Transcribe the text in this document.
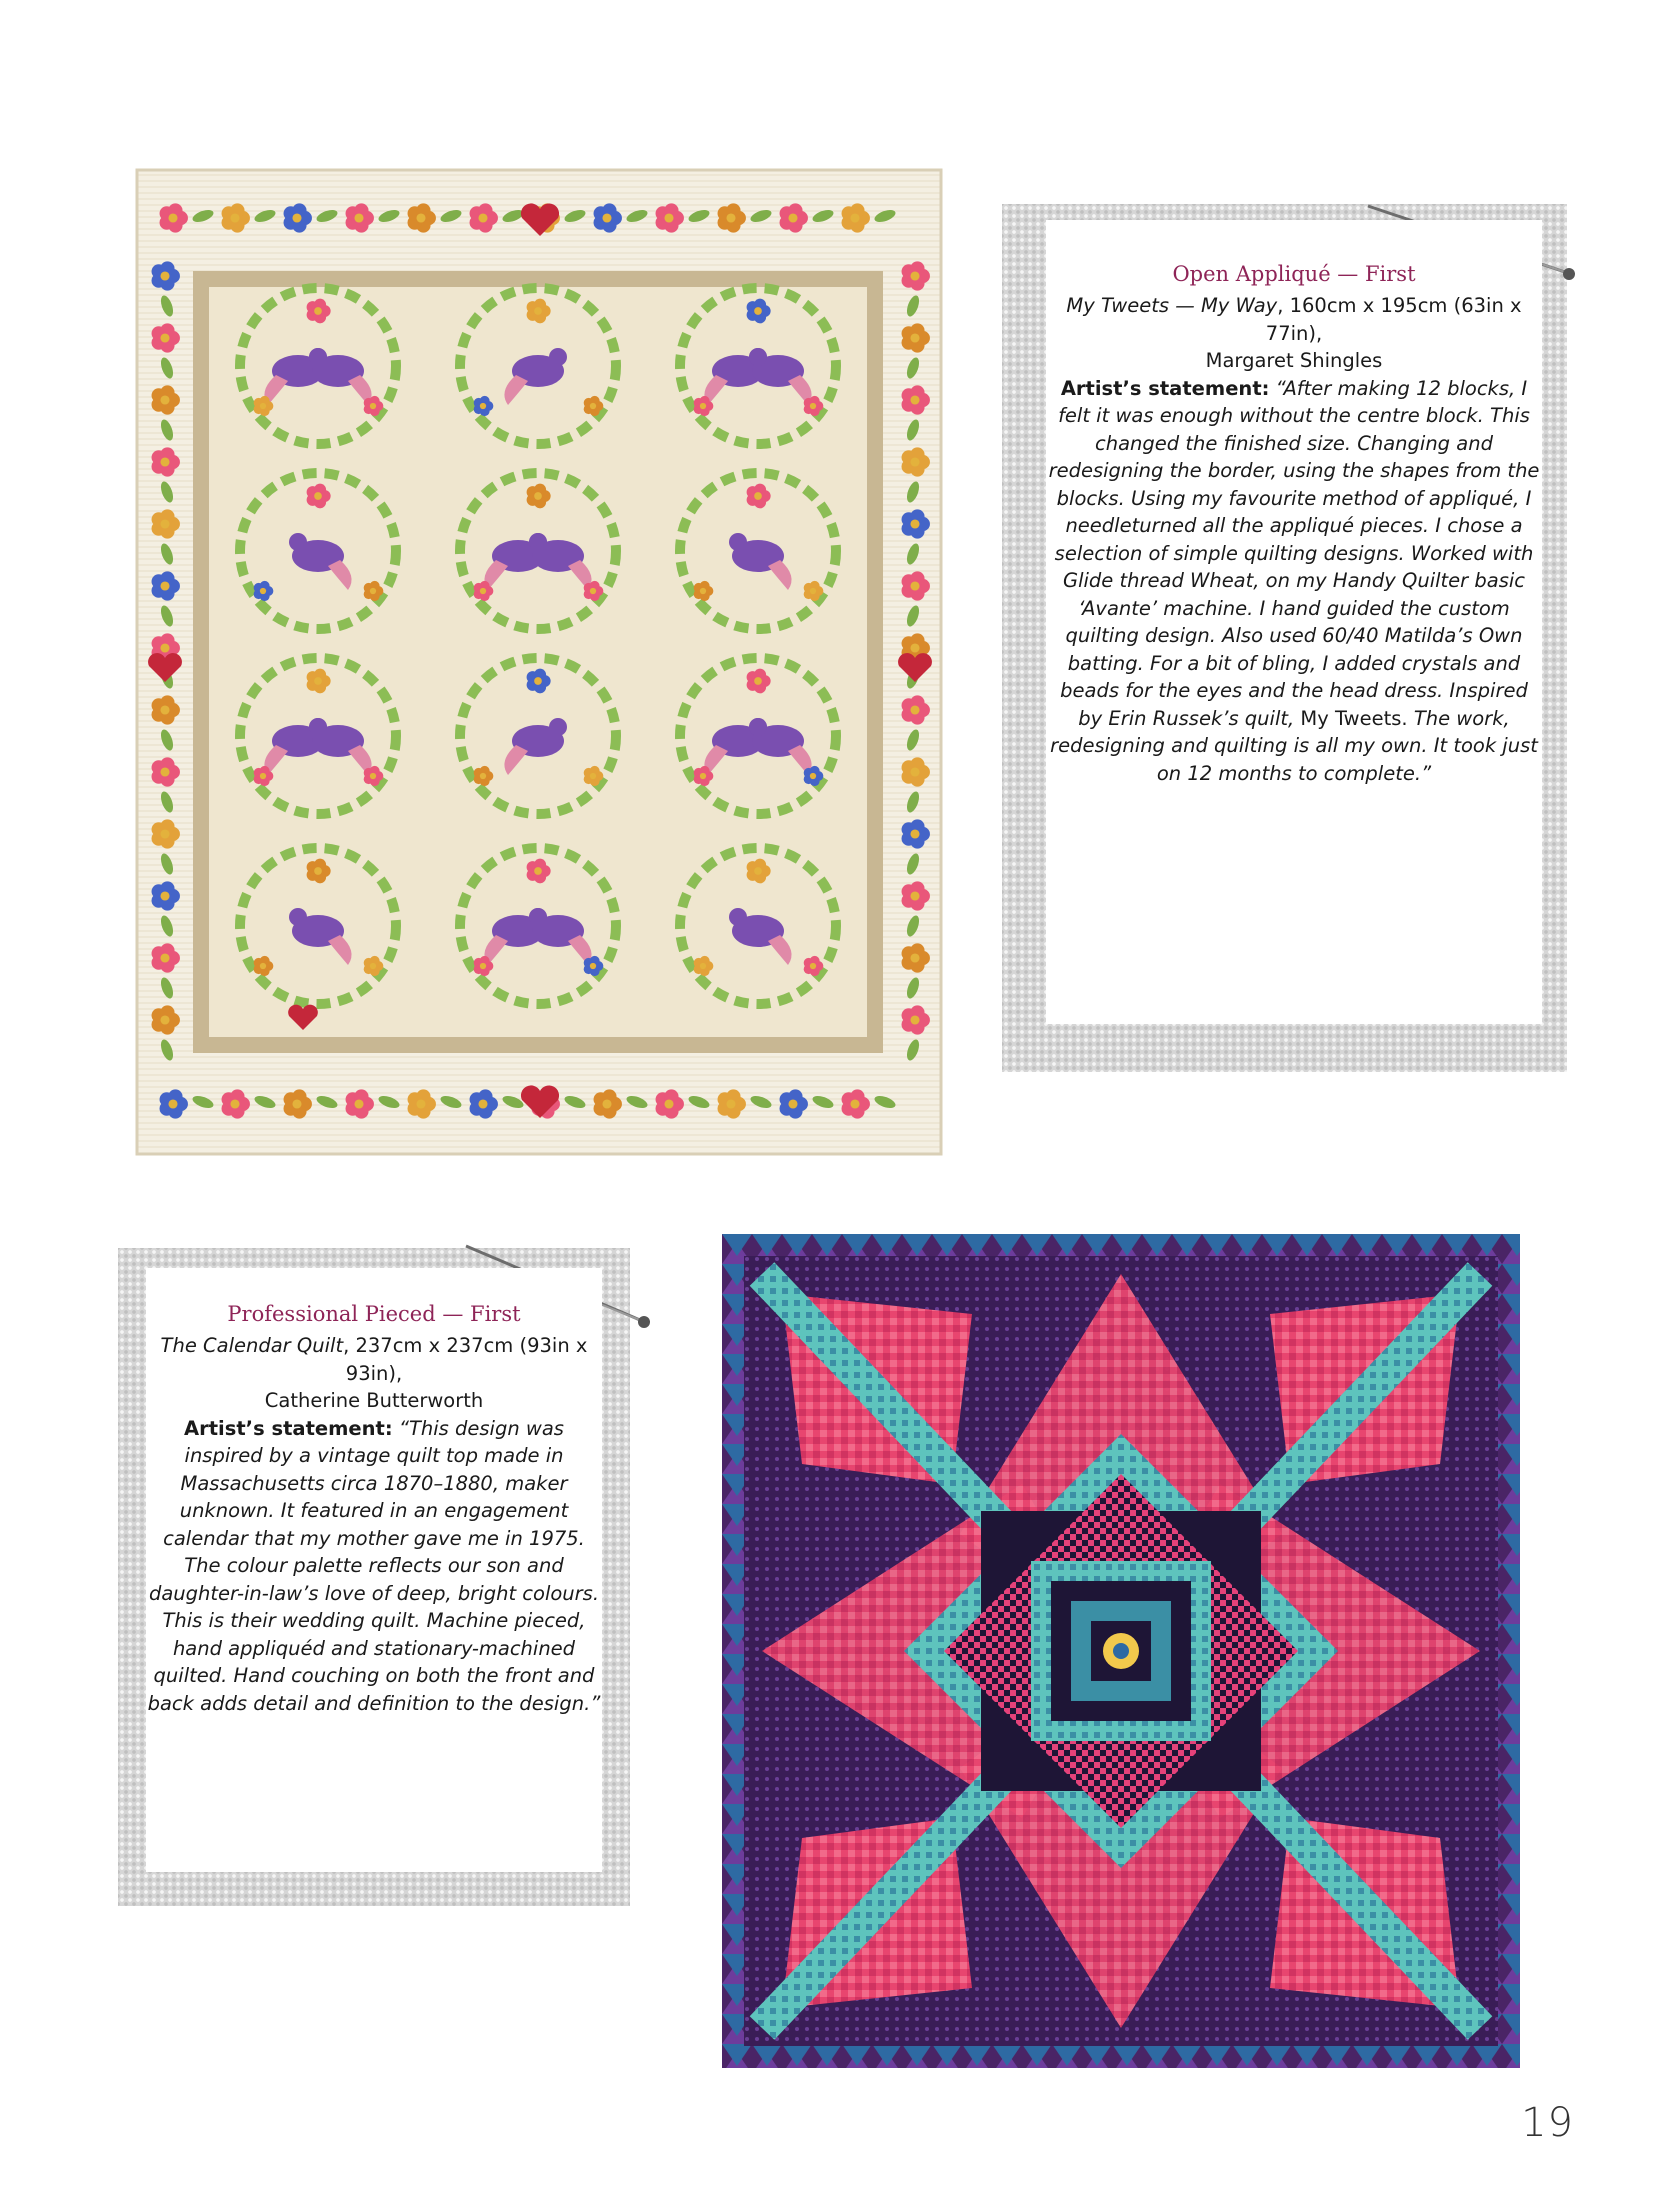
Open Appliqué — First

My Tweets — My Way, 160cm x 195cm (63in x 77in),
Margaret Shingles
Artist’s statement: “After making 12 blocks, I felt it was enough without the centre block. This changed the finished size. Changing and redesigning the border, using the shapes from the blocks. Using my favourite method of appliqué, I needleturned all the appliqué pieces. I chose a selection of simple quilting designs. Worked with Glide thread Wheat, on my Handy Quilter basic ‘Avante’ machine. I hand guided the custom quilting design. Also used 60/40 Matilda’s Own batting. For a bit of bling, I added crystals and beads for the eyes and the head dress. Inspired by Erin Russek’s quilt, My Tweets. The work, redesigning and quilting is all my own. It took just on 12 months to complete.”

Professional Pieced — First

The Calendar Quilt, 237cm x 237cm (93in x 93in),
Catherine Butterworth
Artist’s statement: “This design was inspired by a vintage quilt top made in Massachusetts circa 1870–1880, maker unknown. It featured in an engagement calendar that my mother gave me in 1975. The colour palette reflects our son and daughter-in-law’s love of deep, bright colours. This is their wedding quilt. Machine pieced, hand appliquéd and stationary-machined quilted. Hand couching on both the front and back adds detail and definition to the design.”

19
